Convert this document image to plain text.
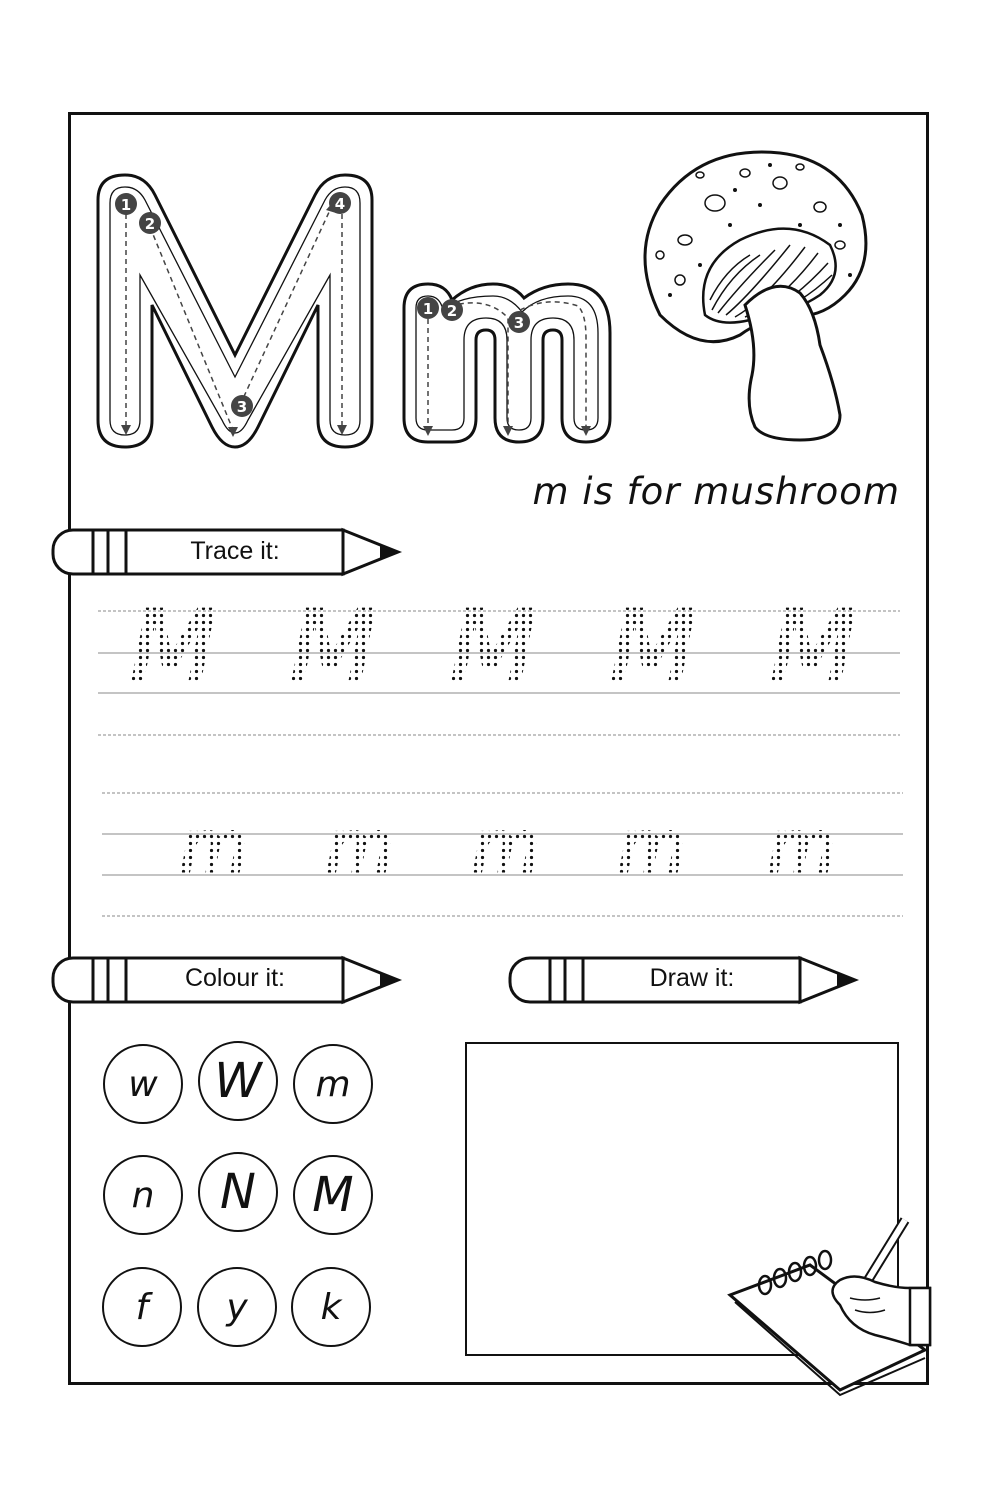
1
2
3
4
1 2
3
m is for mushroom
Trace it:
M M M M M
m m m m m
Colour it:	Draw it:
w	W	m
n	N	M
f	y	k
